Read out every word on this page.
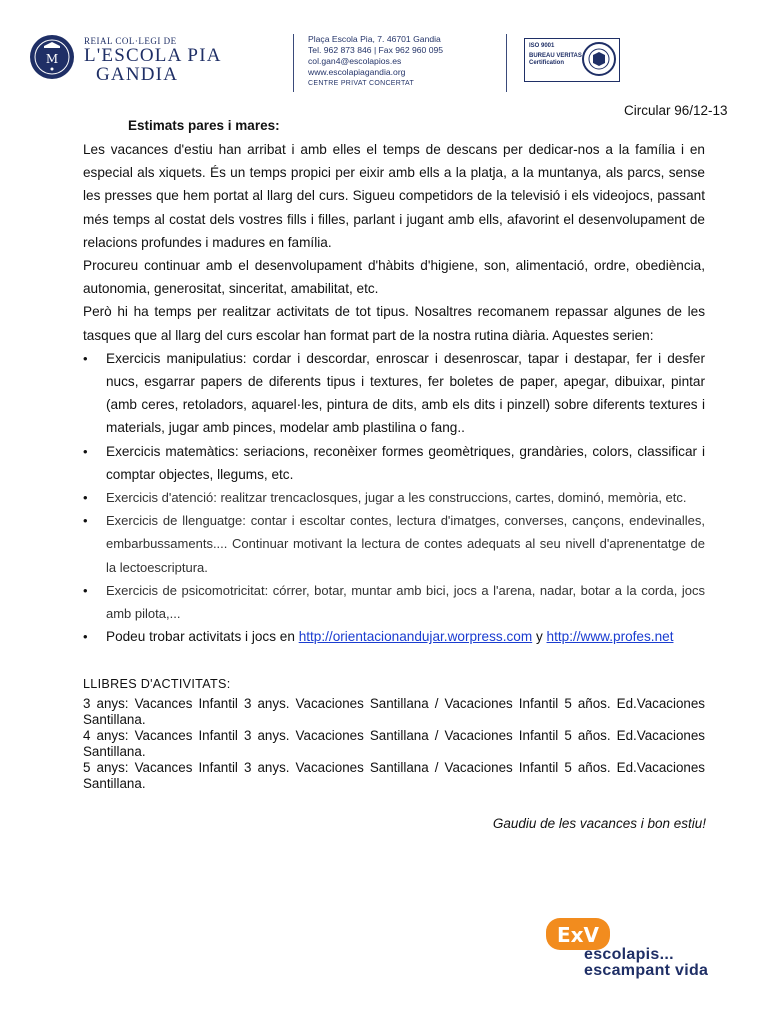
M
REIAL COL·LEGI DE
L'ESCOLA PIA
GANDIA
Plaça Escola Pia, 7. 46701 Gandia
Tel. 962 873 846 | Fax 962 960 095
col.gan4@escolapios.es
www.escolapiagandia.org
CENTRE PRIVAT CONCERTAT
ISO 9001
BUREAU VERITAS
Certification
Circular 96/12-13
Estimats pares i mares:

Les vacances d'estiu han arribat i amb elles el temps de descans per dedicar-nos a la família i en especial als xiquets. És un temps propici per eixir amb ells a la platja, a la muntanya, als parcs, sense les presses que hem portat al llarg del curs. Sigueu competidors de la televisió i els videojocs, passant més temps al costat dels vostres fills i filles, parlant i jugant amb ells, afavorint el desenvolupament de relacions profundes i madures en família.

Procureu continuar amb el desenvolupament d'hàbits d'higiene, son, alimentació, ordre, obediència, autonomia, generositat, sinceritat, amabilitat, etc.

Però hi ha temps per realitzar activitats de tot tipus. Nosaltres recomanem repassar algunes de les tasques que al llarg del curs escolar han format part de la nostra rutina diària. Aquestes serien:

• Exercicis manipulatius: cordar i descordar, enroscar i desenroscar, tapar i destapar, fer i desfer nucs, esgarrar papers de diferents tipus i textures, fer boletes de paper, apegar, dibuixar, pintar (amb ceres, retoladors, aquarel·les, pintura de dits, amb els dits i pinzell) sobre diferents textures i materials, jugar amb pinces, modelar amb plastilina o fang..
• Exercicis matemàtics: seriacions, reconèixer formes geomètriques, grandàries, colors, classificar i comptar objectes, llegums, etc.
• Exercicis d'atenció: realitzar trencaclosques, jugar a les construccions, cartes, dominó, memòria, etc.
• Exercicis de llenguatge: contar i escoltar contes, lectura d'imatges, converses, cançons, endevinalles, embarbussaments.... Continuar motivant la lectura de contes adequats al seu nivell d'aprenentatge de la lectoescriptura.
• Exercicis de psicomotricitat: córrer, botar, muntar amb bici, jocs a l'arena, nadar, botar a la corda, jocs amb pilota,...
• Podeu trobar activitats i jocs en http://orientacionandujar.worpress.com y http://www.profes.net
LLIBRES D'ACTIVITATS:

3 anys: Vacances Infantil 3 anys. Vacaciones Santillana / Vacaciones Infantil 5 años. Ed.Vacaciones Santillana.

4 anys: Vacances Infantil 3 anys. Vacaciones Santillana / Vacaciones Infantil 5 años. Ed.Vacaciones Santillana.

5 anys: Vacances Infantil 3 anys. Vacaciones Santillana / Vacaciones Infantil 5 años. Ed.Vacaciones Santillana.

Gaudiu de les vacances i bon estiu!
ExV
escolapis...
escampant vida
